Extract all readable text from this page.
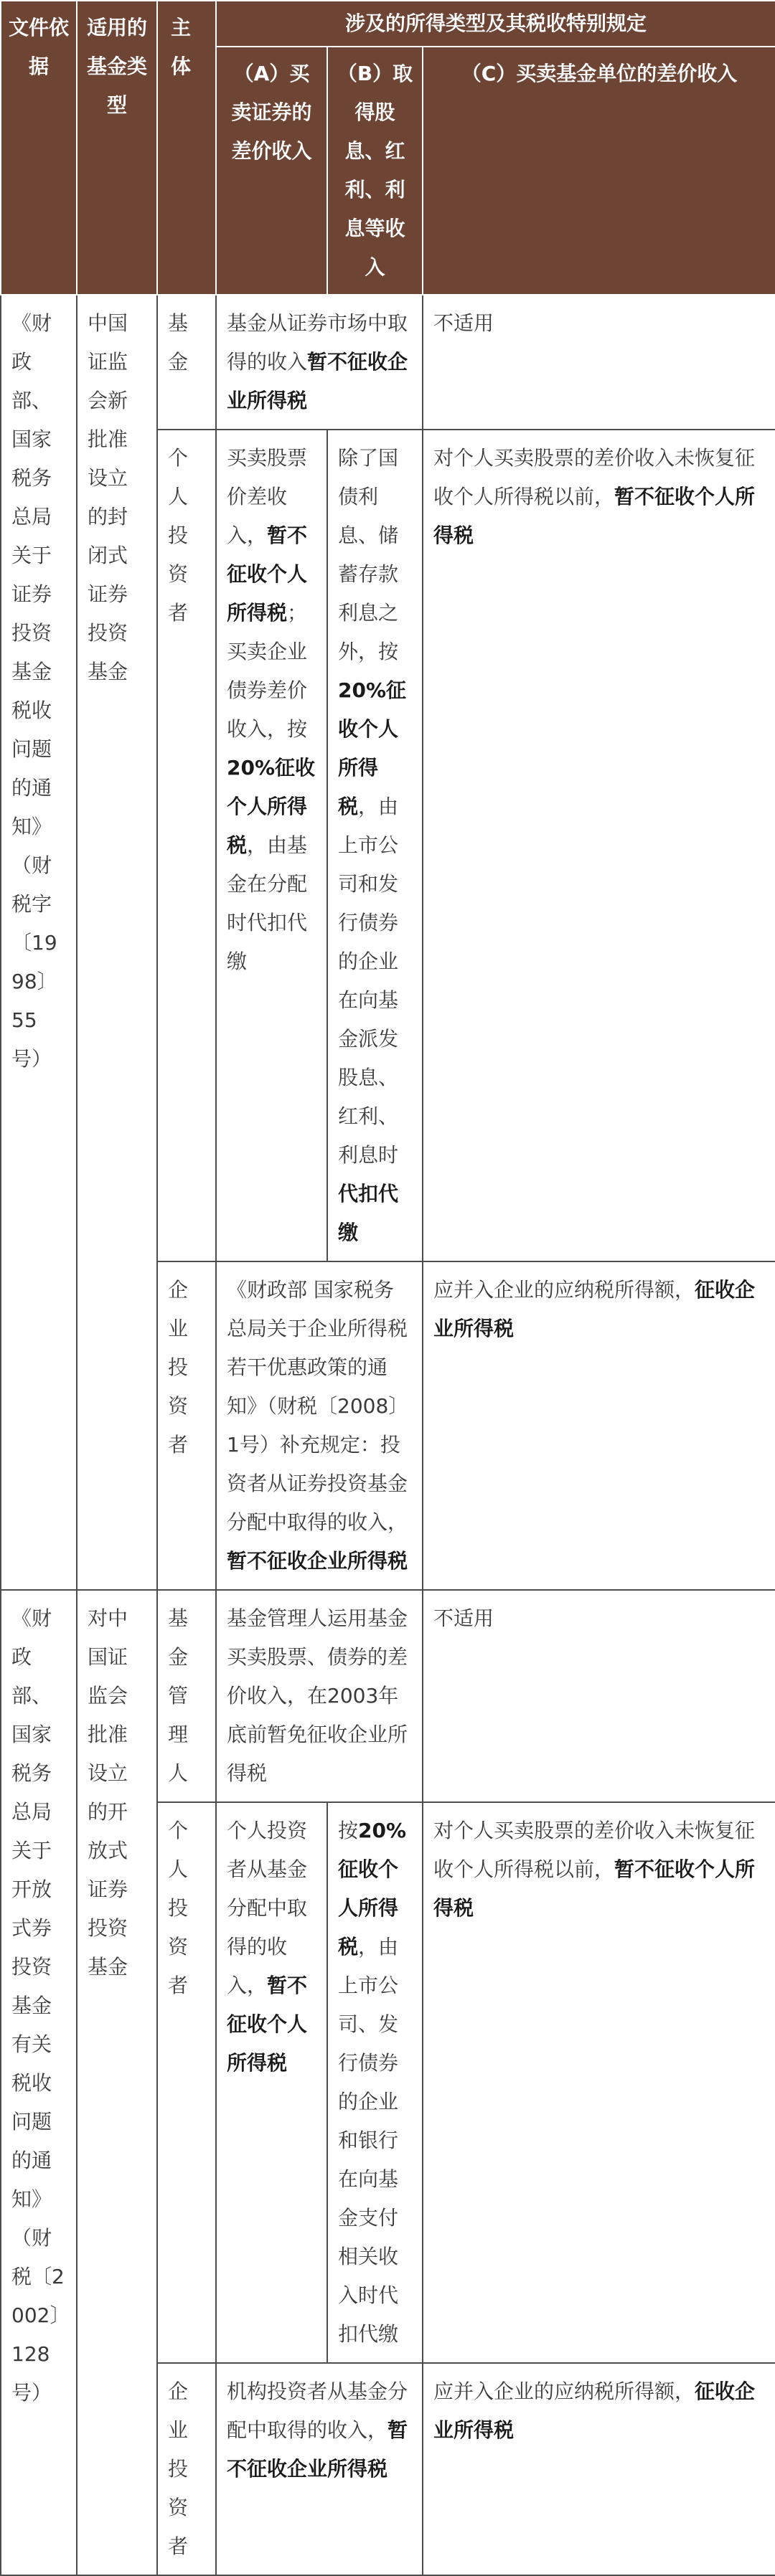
文件依据	适用的基金类型	主体	涉及的所得类型及其税收特别规定		
			（A）买卖证券的差价收入	（B）取得股息、红利、利息等收入	（C）买卖基金单位的差价收入
《财政部、国家税务总局关于证券投资基金税收问题的通知》（财税字〔1998〕55号）	中国证监会新批准设立的封闭式证券投资基金	基金	基金从证券市场中取得的收入暂不征收企业所得税		不适用
		个人投资者	买卖股票价差收入，暂不征收个人所得税；买卖企业债券差价收入，按20%征收个人所得税，由基金在分配时代扣代缴	除了国债利息、储蓄存款利息之外，按20%征收个人所得税，由上市公司和发行债券的企业在向基金派发股息、红利、利息时代扣代缴	对个人买卖股票的差价收入未恢复征收个人所得税以前，暂不征收个人所得税
		企业投资者	《财政部 国家税务总局关于企业所得税若干优惠政策的通知》（财税〔2008〕1号）补充规定：投资者从证券投资基金分配中取得的收入，暂不征收企业所得税		应并入企业的应纳税所得额，征收企业所得税
《财政部、国家税务总局关于开放式券投资基金有关税收问题的通知》（财税〔2002〕128号）	对中国证监会批准设立的开放式证券投资基金	基金管理人	基金管理人运用基金买卖股票、债券的差价收入，在2003年底前暂免征收企业所得税		不适用
		个人投资者	个人投资者从基金分配中取得的收入，暂不征收个人所得税	按20%征收个人所得税，由上市公司、发行债券的企业和银行在向基金支付相关收入时代扣代缴	对个人买卖股票的差价收入未恢复征收个人所得税以前，暂不征收个人所得税
		企业投资者	机构投资者从基金分配中取得的收入，暂不征收企业所得税		应并入企业的应纳税所得额，征收企业所得税
